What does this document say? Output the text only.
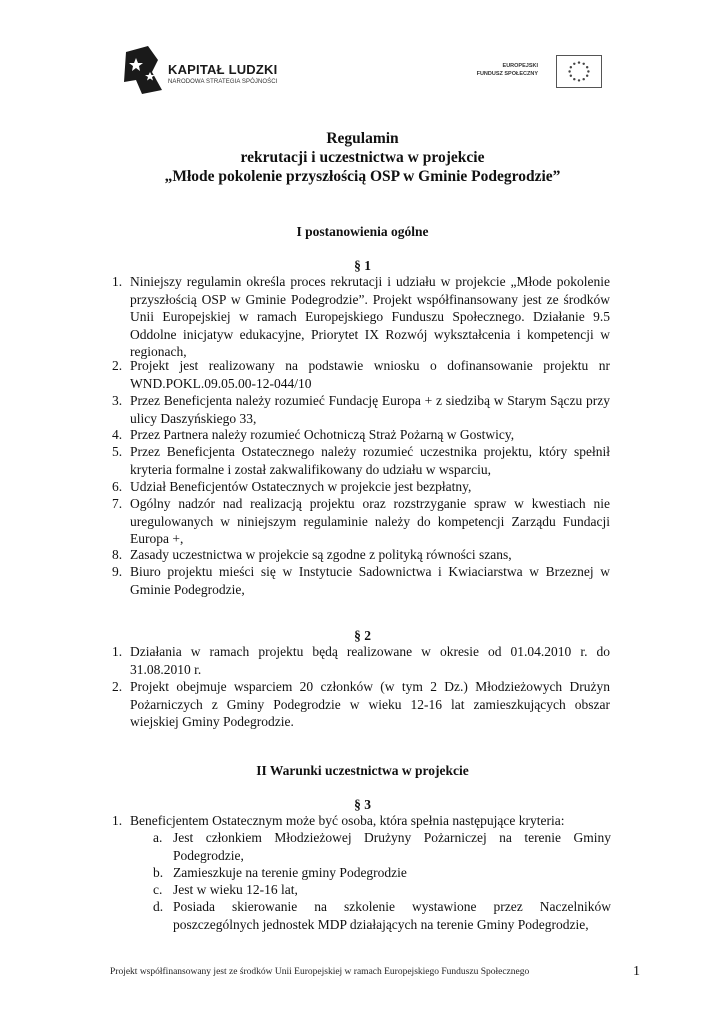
KAPITAŁ LUDZKI
NARODOWA STRATEGIA SPÓJNOŚCI
EUROPEJSKI
FUNDUSZ SPOŁECZNY
Regulamin
rekrutacji i uczestnictwa w projekcie
„Młode pokolenie przyszłością OSP w Gminie Podegrodzie”
I postanowienia ogólne
§ 1
1. Niniejszy regulamin określa proces rekrutacji i udziału w projekcie „Młode pokolenie przyszłością OSP w Gminie Podegrodzie”. Projekt współfinansowany jest ze środków Unii Europejskiej w ramach Europejskiego Funduszu Społecznego. Działanie 9.5 Oddolne inicjatyw edukacyjne, Priorytet IX Rozwój wykształcenia i kompetencji w regionach,
2. Projekt jest realizowany na podstawie wniosku o dofinansowanie projektu nr WND.POKL.09.05.00-12-044/10
3. Przez Beneficjenta należy rozumieć Fundację Europa + z siedzibą w Starym Sączu przy ulicy Daszyńskiego 33,
4. Przez Partnera należy rozumieć Ochotniczą Straż Pożarną w Gostwicy,
5. Przez Beneficjenta Ostatecznego należy rozumieć uczestnika projektu, który spełnił kryteria formalne i został zakwalifikowany do udziału w wsparciu,
6. Udział Beneficjentów Ostatecznych w projekcie jest bezpłatny,
7. Ogólny nadzór nad realizacją projektu oraz rozstrzyganie spraw w kwestiach nie uregulowanych w niniejszym regulaminie należy do kompetencji Zarządu Fundacji Europa +,
8. Zasady uczestnictwa w projekcie są zgodne z polityką równości szans,
9. Biuro projektu mieści się w Instytucie Sadownictwa i Kwiaciarstwa w Brzeznej w Gminie Podegrodzie,
§ 2
1. Działania w ramach projektu będą realizowane w okresie od 01.04.2010 r. do 31.08.2010 r.
2. Projekt obejmuje wsparciem 20 członków (w tym 2 Dz.) Młodzieżowych Drużyn Pożarniczych z Gminy Podegrodzie w wieku 12-16 lat zamieszkujących obszar wiejskiej Gminy Podegrodzie.
II Warunki uczestnictwa w projekcie
§ 3
1. Beneficjentem Ostatecznym może być osoba, która spełnia następujące kryteria:
a. Jest członkiem Młodzieżowej Drużyny Pożarniczej na terenie Gminy Podegrodzie,
b. Zamieszkuje na terenie gminy Podegrodzie
c. Jest w wieku 12-16 lat,
d. Posiada skierowanie na szkolenie wystawione przez Naczelników poszczególnych jednostek MDP działających na terenie Gminy Podegrodzie,
Projekt współfinansowany jest ze środków Unii Europejskiej w ramach Europejskiego Funduszu Społecznego	1
